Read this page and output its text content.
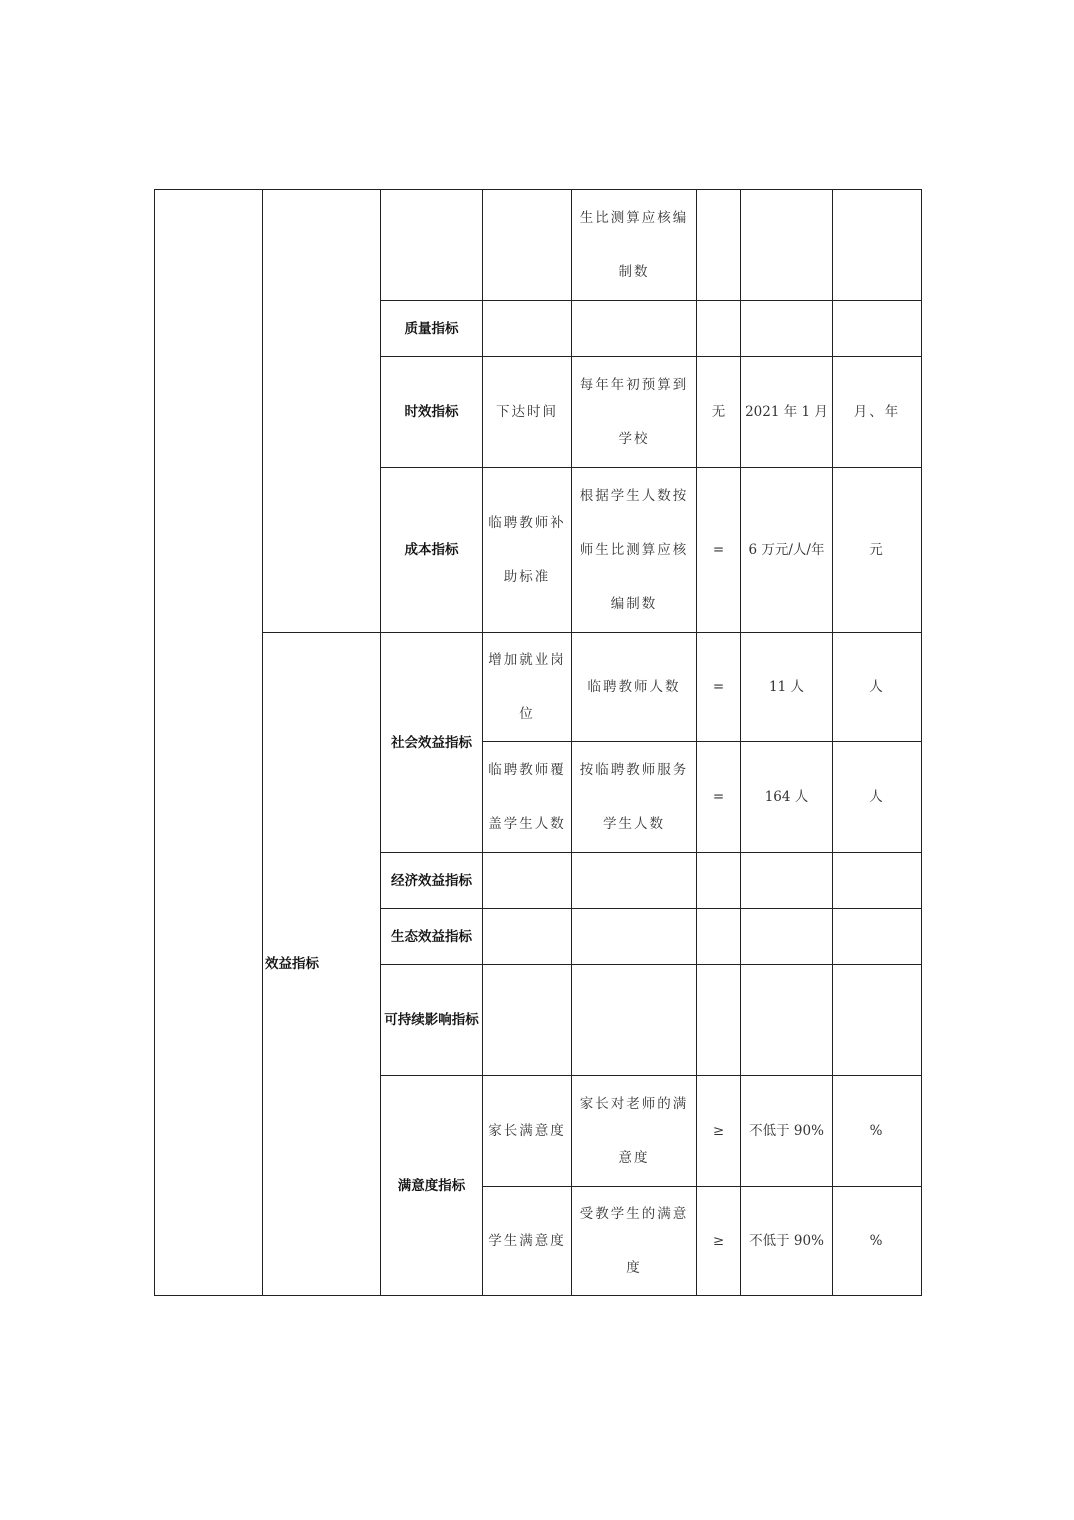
				生比测算应核编制数			
		质量指标					
		时效指标	下达时间	每年年初预算到学校	无	2021 年 1 月	月、年
		成本指标	临聘教师补助标准	根据学生人数按师生比测算应核编制数	=	6 万元/人/年	元
	效益指标	社会效益指标	增加就业岗位	临聘教师人数	=	11 人	人
			临聘教师覆盖学生人数	按临聘教师服务学生人数	=	164 人	人
		经济效益指标					
		生态效益指标					
		可持续影响指标					
		满意度指标	家长满意度	家长对老师的满意度	≥	不低于 90%	%
			学生满意度	受教学生的满意度	≥	不低于 90%	%
